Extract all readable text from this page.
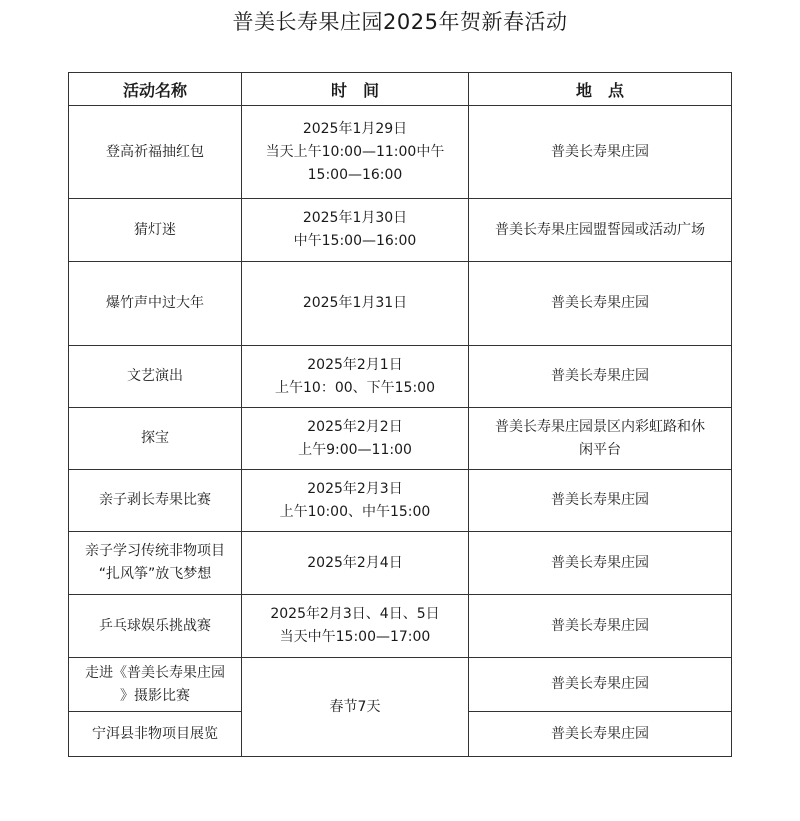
普美长寿果庄园2025年贺新春活动
活动名称	时　间	地　点

登高祈福抽红包	2025年1月29日
当天上午10:00—11:00中午
15:00—16:00	普美长寿果庄园

猜灯迷	2025年1月30日
中午15:00—16:00	普美长寿果庄园盟誓园或活动广场

爆竹声中过大年	2025年1月31日	普美长寿果庄园

文艺演出	2025年2月1日
上午10：00、下午15:00	普美长寿果庄园

探宝	2025年2月2日
上午9:00—11:00	普美长寿果庄园景区内彩虹路和休
闲平台

亲子剥长寿果比赛	2025年2月3日
上午10:00、中午15:00	普美长寿果庄园

亲子学习传统非物项目
“扎风筝”放飞梦想	2025年2月4日	普美长寿果庄园

乒乓球娱乐挑战赛	2025年2月3日、4日、5日
当天中午15:00—17:00	普美长寿果庄园

走进《普美长寿果庄园
》摄影比赛	春节7天	普美长寿果庄园

宁洱县非物项目展览		普美长寿果庄园
